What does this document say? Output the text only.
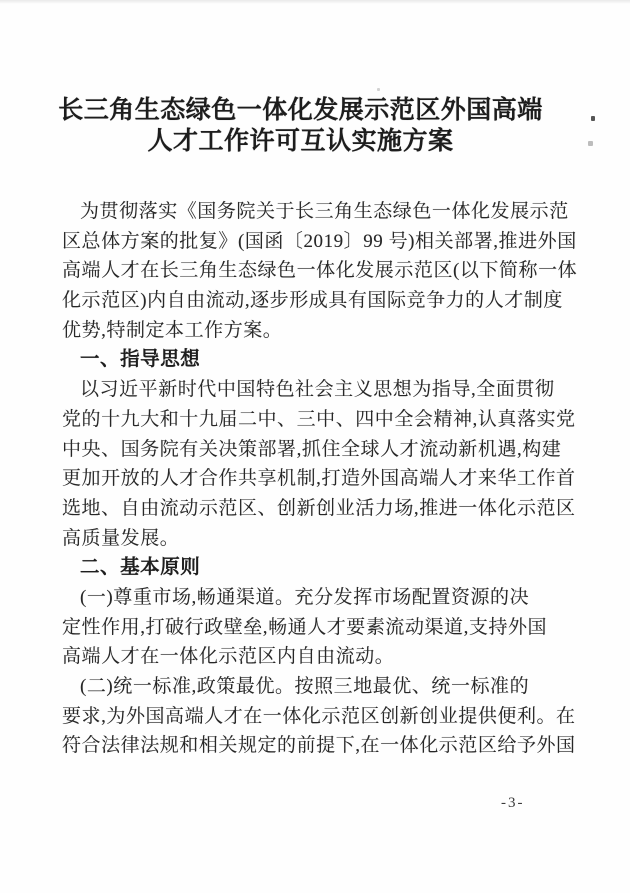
长三角生态绿色一体化发展示范区外国高端
人才工作许可互认实施方案
为贯彻落实《国务院关于长三角生态绿色一体化发展示范
区总体方案的批复》(国函〔2019〕99 号)相关部署,推进外国
高端人才在长三角生态绿色一体化发展示范区(以下简称一体
化示范区)内自由流动,逐步形成具有国际竞争力的人才制度
优势,特制定本工作方案。
一、指导思想
以习近平新时代中国特色社会主义思想为指导,全面贯彻
党的十九大和十九届二中、三中、四中全会精神,认真落实党
中央、国务院有关决策部署,抓住全球人才流动新机遇,构建
更加开放的人才合作共享机制,打造外国高端人才来华工作首
选地、自由流动示范区、创新创业活力场,推进一体化示范区
高质量发展。
二、基本原则
(一)尊重市场,畅通渠道。充分发挥市场配置资源的决
定性作用,打破行政壁垒,畅通人才要素流动渠道,支持外国
高端人才在一体化示范区内自由流动。
(二)统一标准,政策最优。按照三地最优、统一标准的
要求,为外国高端人才在一体化示范区创新创业提供便利。在
符合法律法规和相关规定的前提下,在一体化示范区给予外国
-3-
